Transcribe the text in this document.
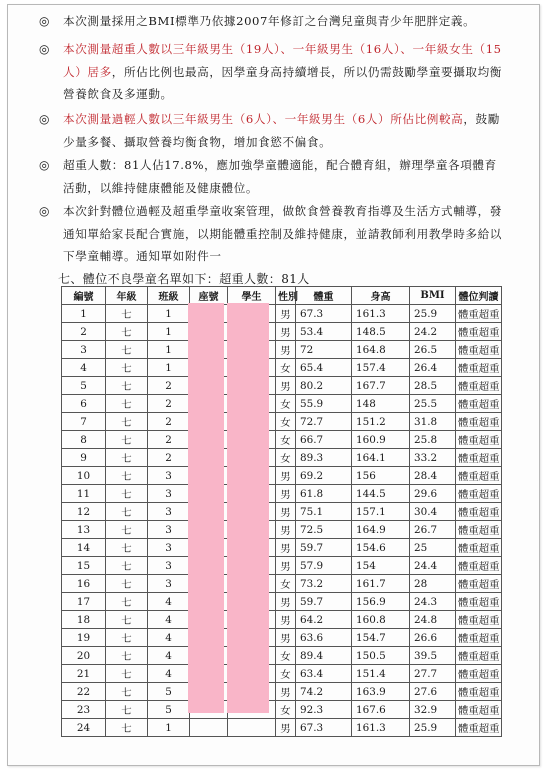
◎ 本次測量採用之BMI標準乃依據2007年修訂之台灣兒童與青少年肥胖定義。
◎ 本次測量超重人數以三年級男生（19人）、一年級男生（16人）、一年級女生（15人）居多，所佔比例也最高，因學童身高持續增長，所以仍需鼓勵學童要攝取均衡營養飲食及多運動。
◎ 本次測量過輕人數以三年級男生（6人）、一年級男生（6人）所佔比例較高，鼓勵少量多餐、攝取營養均衡食物，增加食慾不偏食。
◎ 超重人數：81人佔17.8%，應加強學童體適能，配合體育組，辦理學童各項體育活動，以維持健康體能及健康體位。
◎ 本次針對體位過輕及超重學童收案管理，做飲食營養教育指導及生活方式輔導，發通知單給家長配合實施，以期能體重控制及維持健康，並請教師利用教學時多給以下學童輔導。通知單如附件一
七、體位不良學童名單如下：超重人數：81人
編號	年級	班級	座號	學生	性別	體重	身高	BMI	體位判讀
1	七	1			男	67.3	161.3	25.9	體重超重
2	七	1			男	53.4	148.5	24.2	體重超重
3	七	1			男	72	164.8	26.5	體重超重
4	七	1			女	65.4	157.4	26.4	體重超重
5	七	2			男	80.2	167.7	28.5	體重超重
6	七	2			女	55.9	148	25.5	體重超重
7	七	2			女	72.7	151.2	31.8	體重超重
8	七	2			女	66.7	160.9	25.8	體重超重
9	七	2			女	89.3	164.1	33.2	體重超重
10	七	3			男	69.2	156	28.4	體重超重
11	七	3			男	61.8	144.5	29.6	體重超重
12	七	3			男	75.1	157.1	30.4	體重超重
13	七	3			男	72.5	164.9	26.7	體重超重
14	七	3			男	59.7	154.6	25	體重超重
15	七	3			男	57.9	154	24.4	體重超重
16	七	3			女	73.2	161.7	28	體重超重
17	七	4			男	59.7	156.9	24.3	體重超重
18	七	4			男	64.2	160.8	24.8	體重超重
19	七	4			男	63.6	154.7	26.6	體重超重
20	七	4			女	89.4	150.5	39.5	體重超重
21	七	4			女	63.4	151.4	27.7	體重超重
22	七	5			男	74.2	163.9	27.6	體重超重
23	七	5			女	92.3	167.6	32.9	體重超重
24	七	1			男	67.3	161.3	25.9	體重超重
